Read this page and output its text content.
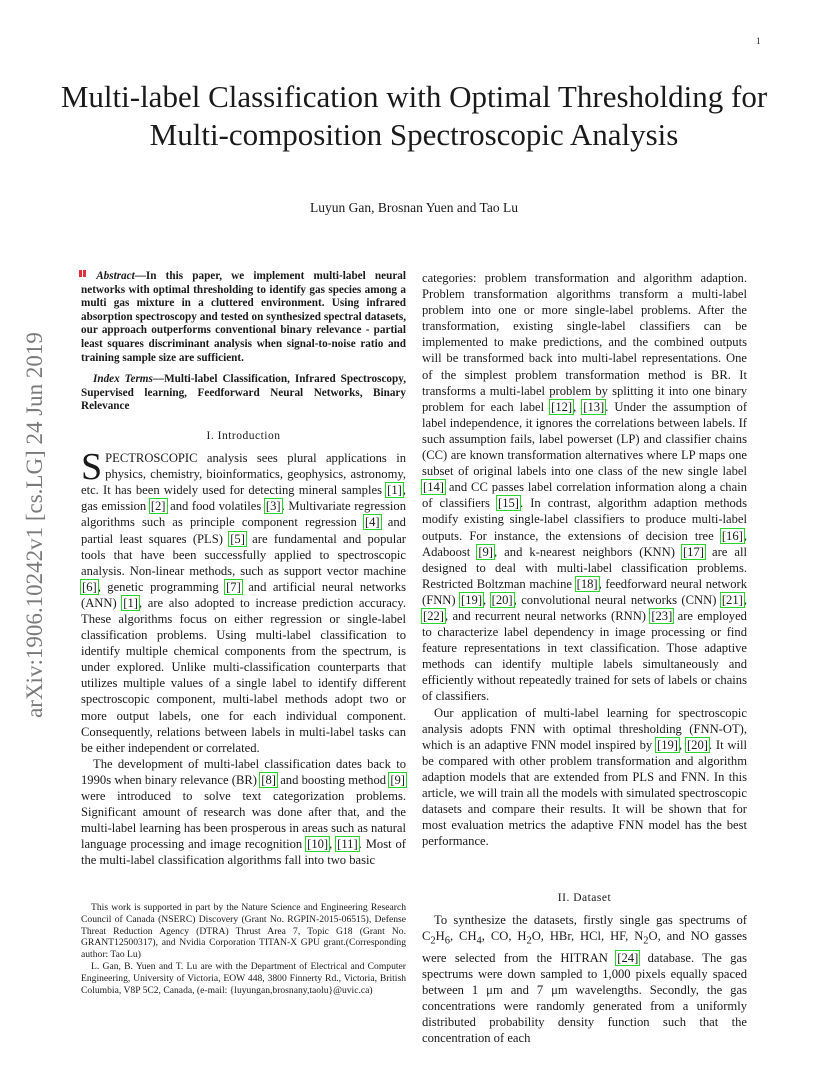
1
arXiv:1906.10242v1 [cs.LG] 24 Jun 2019
Multi-label Classification with Optimal Thresholding for Multi-composition Spectroscopic Analysis
Luyun Gan, Brosnan Yuen and Tao Lu

Abstract—In this paper, we implement multi-label neural networks with optimal thresholding to identify gas species among a multi gas mixture in a cluttered environment. Using infrared absorption spectroscopy and tested on synthesized spectral datasets, our approach outperforms conventional binary relevance - partial least squares discriminant analysis when signal-to-noise ratio and training sample size are sufficient.

Index Terms—Multi-label Classification, Infrared Spectroscopy, Supervised learning, Feedforward Neural Networks, Binary Relevance

I. Introduction

SPECTROSCOPIC analysis sees plural applications in physics, chemistry, bioinformatics, geophysics, astronomy, etc. It has been widely used for detecting mineral samples [1], gas emission [2] and food volatiles [3]. Multivariate regression algorithms such as principle component regression [4] and partial least squares (PLS) [5] are fundamental and popular tools that have been successfully applied to spectroscopic analysis. Non-linear methods, such as support vector machine [6], genetic programming [7] and artificial neural networks (ANN) [1], are also adopted to increase prediction accuracy. These algorithms focus on either regression or single-label classification problems. Using multi-label classification to identify multiple chemical components from the spectrum, is under explored. Unlike multi-classification counterparts that utilizes multiple values of a single label to identify different spectroscopic component, multi-label methods adopt two or more output labels, one for each individual component. Consequently, relations between labels in multi-label tasks can be either independent or correlated.

The development of multi-label classification dates back to 1990s when binary relevance (BR) [8] and boosting method [9] were introduced to solve text categorization problems. Significant amount of research was done after that, and the multi-label learning has been prosperous in areas such as natural language processing and image recognition [10], [11]. Most of the multi-label classification algorithms fall into two basic

This work is supported in part by the Nature Science and Engineering Research Council of Canada (NSERC) Discovery (Grant No. RGPIN-2015-06515), Defense Threat Reduction Agency (DTRA) Thrust Area 7, Topic G18 (Grant No. GRANT12500317), and Nvidia Corporation TITAN-X GPU grant.(Corresponding author: Tao Lu)

L. Gan, B. Yuen and T. Lu are with the Department of Electrical and Computer Engineering, University of Victoria, EOW 448, 3800 Finnerty Rd., Victoria, British Columbia, V8P 5C2, Canada, (e-mail: {luyungan,brosnany,taolu}@uvic.ca)

categories: problem transformation and algorithm adaption. Problem transformation algorithms transform a multi-label problem into one or more single-label problems. After the transformation, existing single-label classifiers can be implemented to make predictions, and the combined outputs will be transformed back into multi-label representations. One of the simplest problem transformation method is BR. It transforms a multi-label problem by splitting it into one binary problem for each label [12], [13]. Under the assumption of label independence, it ignores the correlations between labels. If such assumption fails, label powerset (LP) and classifier chains (CC) are known transformation alternatives where LP maps one subset of original labels into one class of the new single label [14] and CC passes label correlation information along a chain of classifiers [15]. In contrast, algorithm adaption methods modify existing single-label classifiers to produce multi-label outputs. For instance, the extensions of decision tree [16], Adaboost [9], and k-nearest neighbors (KNN) [17] are all designed to deal with multi-label classification problems. Restricted Boltzman machine [18], feedforward neural network (FNN) [19], [20], convolutional neural networks (CNN) [21], [22], and recurrent neural networks (RNN) [23] are employed to characterize label dependency in image processing or find feature representations in text classification. Those adaptive methods can identify multiple labels simultaneously and efficiently without repeatedly trained for sets of labels or chains of classifiers.

Our application of multi-label learning for spectroscopic analysis adopts FNN with optimal thresholding (FNN-OT), which is an adaptive FNN model inspired by [19], [20]. It will be compared with other problem transformation and algorithm adaption models that are extended from PLS and FNN. In this article, we will train all the models with simulated spectroscopic datasets and compare their results. It will be shown that for most evaluation metrics the adaptive FNN model has the best performance.

II. Dataset

To synthesize the datasets, firstly single gas spectrums of $C_2H_6$, $CH_4$, CO, $H_2O$, HBr, HCl, HF, $N_2O$, and NO gasses were selected from the HITRAN [24] database. The gas spectrums were down sampled to 1,000 pixels equally spaced between 1 μm and 7 μm wavelengths. Secondly, the gas concentrations were randomly generated from a uniformly distributed probability density function such that the concentration of each
